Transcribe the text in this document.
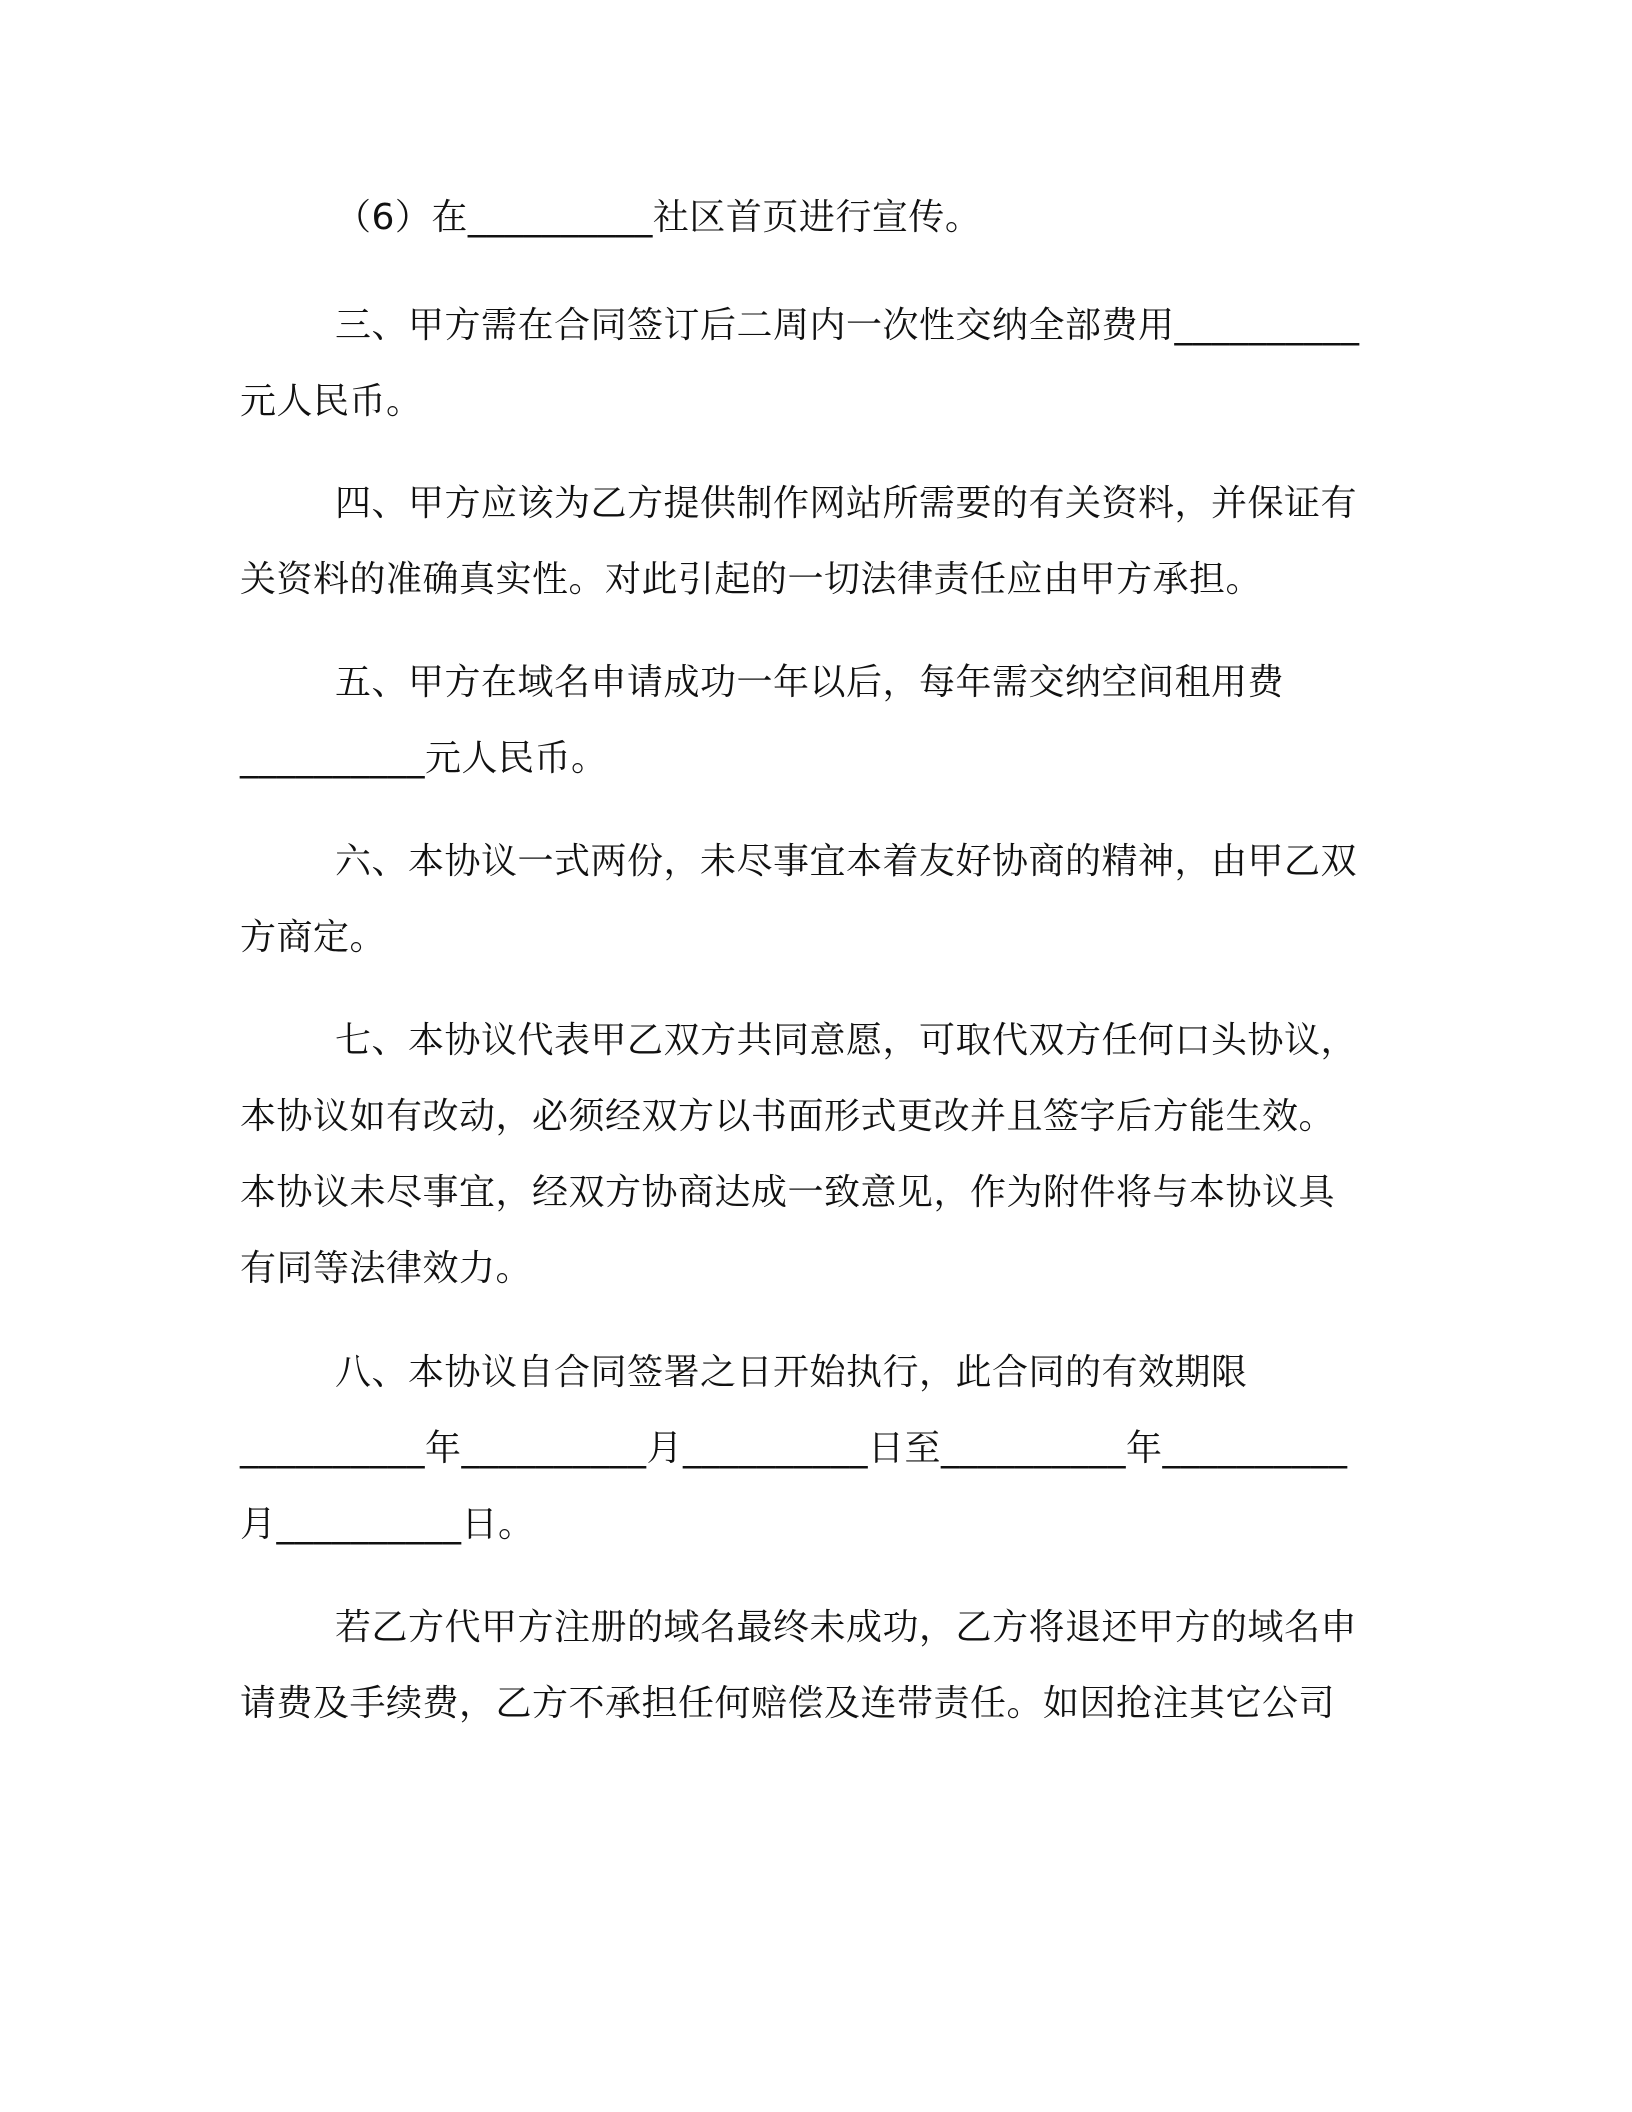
（6）在__________社区首页进行宣传。
三、甲方需在合同签订后二周内一次性交纳全部费用__________
元人民币。
四、甲方应该为乙方提供制作网站所需要的有关资料，并保证有
关资料的准确真实性。对此引起的一切法律责任应由甲方承担。
五、甲方在域名申请成功一年以后，每年需交纳空间租用费
__________元人民币。
六、本协议一式两份，未尽事宜本着友好协商的精神，由甲乙双
方商定。
七、本协议代表甲乙双方共同意愿，可取代双方任何口头协议，
本协议如有改动，必须经双方以书面形式更改并且签字后方能生效。
本协议未尽事宜，经双方协商达成一致意见，作为附件将与本协议具
有同等法律效力。
八、本协议自合同签署之日开始执行，此合同的有效期限
__________年__________月__________日至__________年__________
月__________日。
若乙方代甲方注册的域名最终未成功，乙方将退还甲方的域名申
请费及手续费，乙方不承担任何赔偿及连带责任。如因抢注其它公司
